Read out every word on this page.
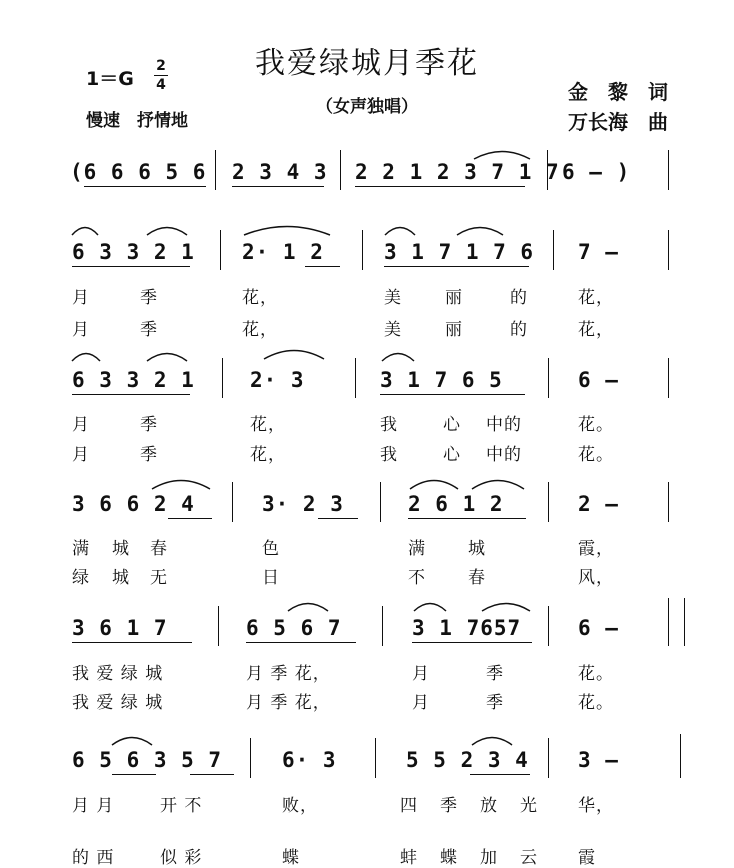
我爱绿城月季花
（女声独唱）
1＝G
2
4
慢速　抒情地
金　黎　词
万长海　曲
(6 6 6 5 6 2 3 4 3 2 2 1 2 3 7 1 7 6 – )
6 3 3 2 1 2· 1 2	3 1 7 1 7 6 7 –
月	季	花，	美	丽	的	花，
月	季	花，	美	丽	的	花，
6 3 3 2 1	2· 3	3 1 7 6 5	6 –
月	季	花，	我	心 中的	花。
月	季	花，	我	心 中的	花。
3 6 6 2 4	3· 2 3	2 6 1 2	2 –
满 城 春	色	满 城	霞，
绿 城 无	日	不 春	风，
3 6 1 7	6 5 6 7	3 1 7657	6 –
我 爱 绿 城	月 季 花，	月	季	花。
我 爱 绿 城	月 季 花，	月	季	花。
6 5 6 3 5 7	6· 3	5 5 2 3 4 3 –
月 月	开 不	败，	四 季 放 光 华，
的 西	似 彩	蝶	蚌 蝶 加 云 霞
